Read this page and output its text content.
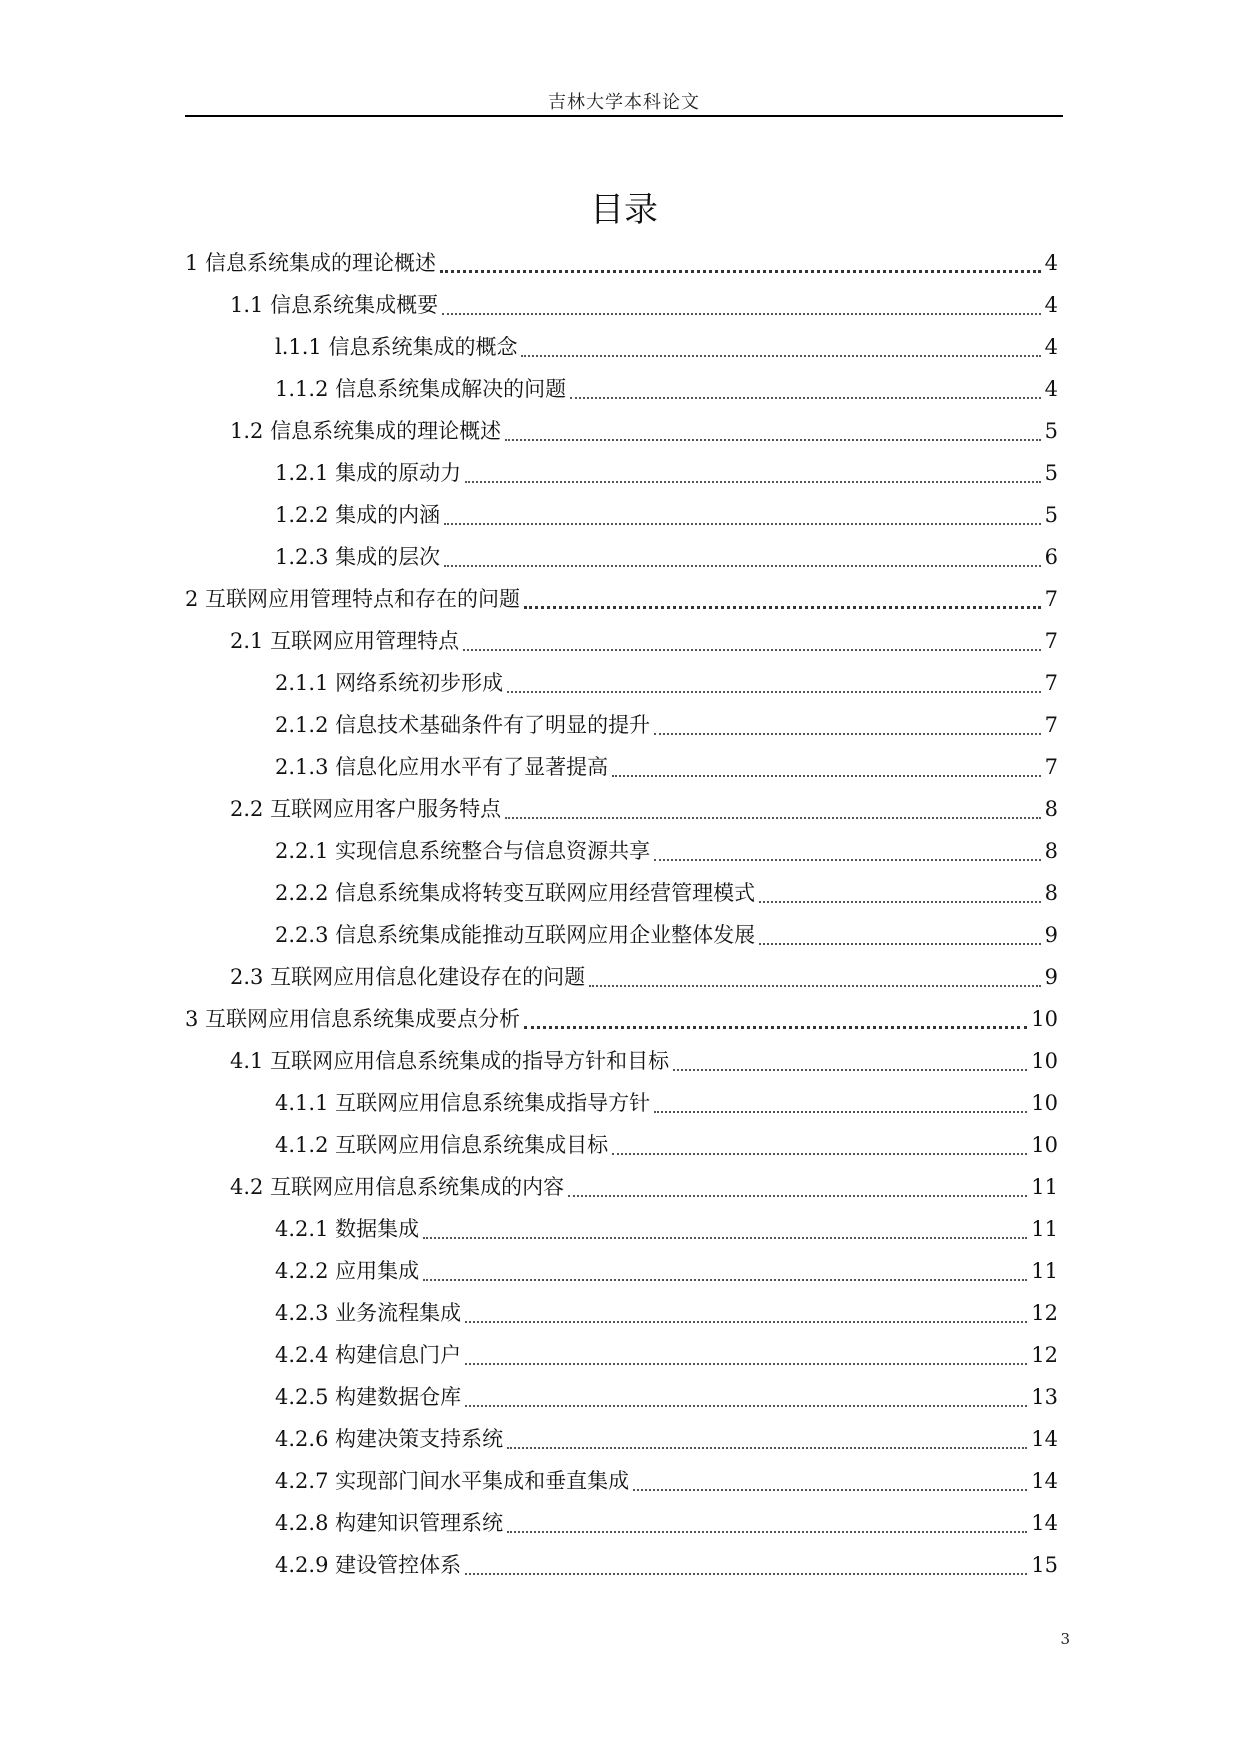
吉林大学本科论文
目录
1 信息系统集成的理论概述	4
1.1 信息系统集成概要	4
l.1.1 信息系统集成的概念	4
1.1.2 信息系统集成解决的问题	4
1.2 信息系统集成的理论概述	5
1.2.1 集成的原动力	5
1.2.2 集成的内涵	5
1.2.3 集成的层次	6
2 互联网应用管理特点和存在的问题	7
2.1 互联网应用管理特点	7
2.1.1 网络系统初步形成	7
2.1.2 信息技术基础条件有了明显的提升	7
2.1.3 信息化应用水平有了显著提高	7
2.2 互联网应用客户服务特点	8
2.2.1 实现信息系统整合与信息资源共享	8
2.2.2 信息系统集成将转变互联网应用经营管理模式	8
2.2.3 信息系统集成能推动互联网应用企业整体发展	9
2.3 互联网应用信息化建设存在的问题	9
3 互联网应用信息系统集成要点分析	10
4.1 互联网应用信息系统集成的指导方针和目标	10
4.1.1 互联网应用信息系统集成指导方针	10
4.1.2 互联网应用信息系统集成目标	10
4.2 互联网应用信息系统集成的内容	11
4.2.1 数据集成	11
4.2.2 应用集成	11
4.2.3 业务流程集成	12
4.2.4 构建信息门户	12
4.2.5 构建数据仓库	13
4.2.6 构建决策支持系统	14
4.2.7 实现部门间水平集成和垂直集成	14
4.2.8 构建知识管理系统	14
4.2.9 建设管控体系	15
3
